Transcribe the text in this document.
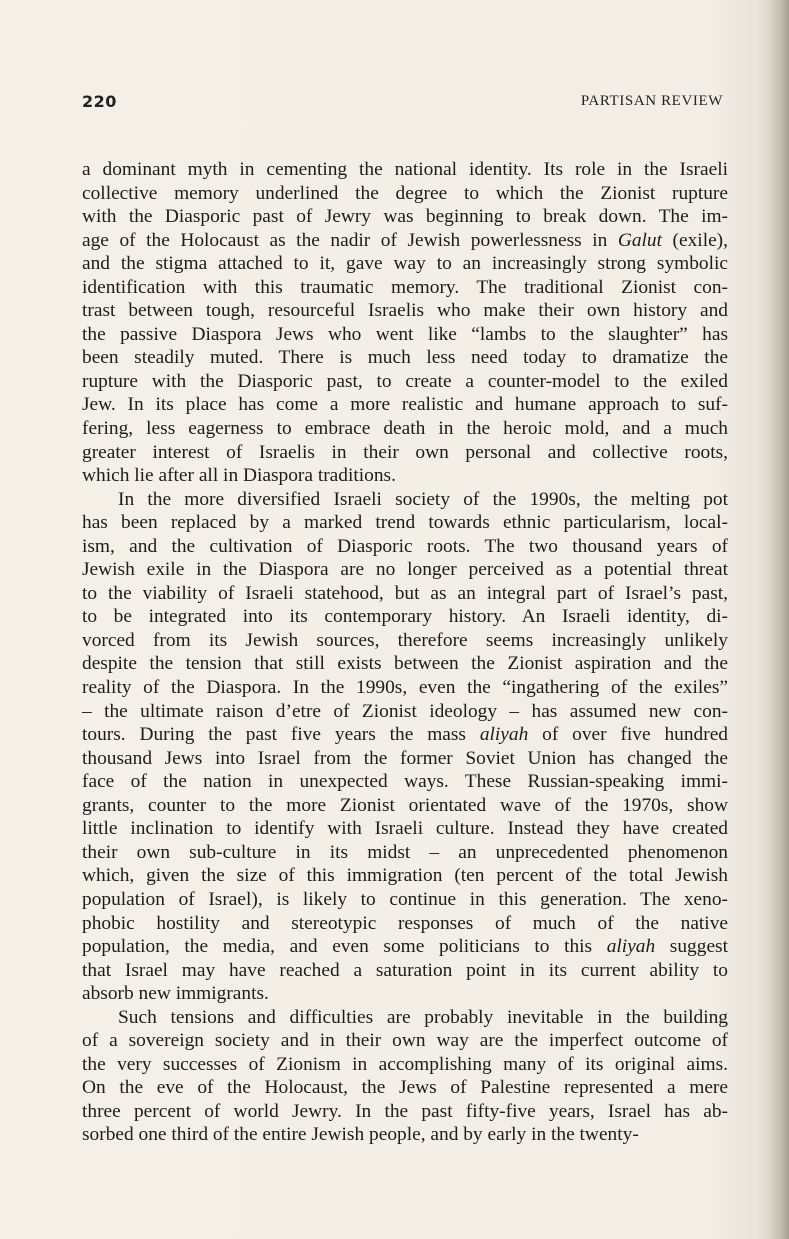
220	PARTISAN REVIEW

a dominant myth in cementing the national identity. Its role in the Israeli
collective memory underlined the degree to which the Zionist rupture
with the Diasporic past of Jewry was beginning to break down. The im-
age of the Holocaust as the nadir of Jewish powerlessness in Galut (exile),
and the stigma attached to it, gave way to an increasingly strong symbolic
identification with this traumatic memory. The traditional Zionist con-
trast between tough, resourceful Israelis who make their own history and
the passive Diaspora Jews who went like “lambs to the slaughter” has
been steadily muted. There is much less need today to dramatize the
rupture with the Diasporic past, to create a counter-model to the exiled
Jew. In its place has come a more realistic and humane approach to suf-
fering, less eagerness to embrace death in the heroic mold, and a much
greater interest of Israelis in their own personal and collective roots,
which lie after all in Diaspora traditions.

In the more diversified Israeli society of the 1990s, the melting pot
has been replaced by a marked trend towards ethnic particularism, local-
ism, and the cultivation of Diasporic roots. The two thousand years of
Jewish exile in the Diaspora are no longer perceived as a potential threat
to the viability of Israeli statehood, but as an integral part of Israel’s past,
to be integrated into its contemporary history. An Israeli identity, di-
vorced from its Jewish sources, therefore seems increasingly unlikely
despite the tension that still exists between the Zionist aspiration and the
reality of the Diaspora. In the 1990s, even the “ingathering of the exiles”
– the ultimate raison d’etre of Zionist ideology – has assumed new con-
tours. During the past five years the mass aliyah of over five hundred
thousand Jews into Israel from the former Soviet Union has changed the
face of the nation in unexpected ways. These Russian-speaking immi-
grants, counter to the more Zionist orientated wave of the 1970s, show
little inclination to identify with Israeli culture. Instead they have created
their own sub-culture in its midst – an unprecedented phenomenon
which, given the size of this immigration (ten percent of the total Jewish
population of Israel), is likely to continue in this generation. The xeno-
phobic hostility and stereotypic responses of much of the native
population, the media, and even some politicians to this aliyah suggest
that Israel may have reached a saturation point in its current ability to
absorb new immigrants.

Such tensions and difficulties are probably inevitable in the building
of a sovereign society and in their own way are the imperfect outcome of
the very successes of Zionism in accomplishing many of its original aims.
On the eve of the Holocaust, the Jews of Palestine represented a mere
three percent of world Jewry. In the past fifty-five years, Israel has ab-
sorbed one third of the entire Jewish people, and by early in the twenty-
